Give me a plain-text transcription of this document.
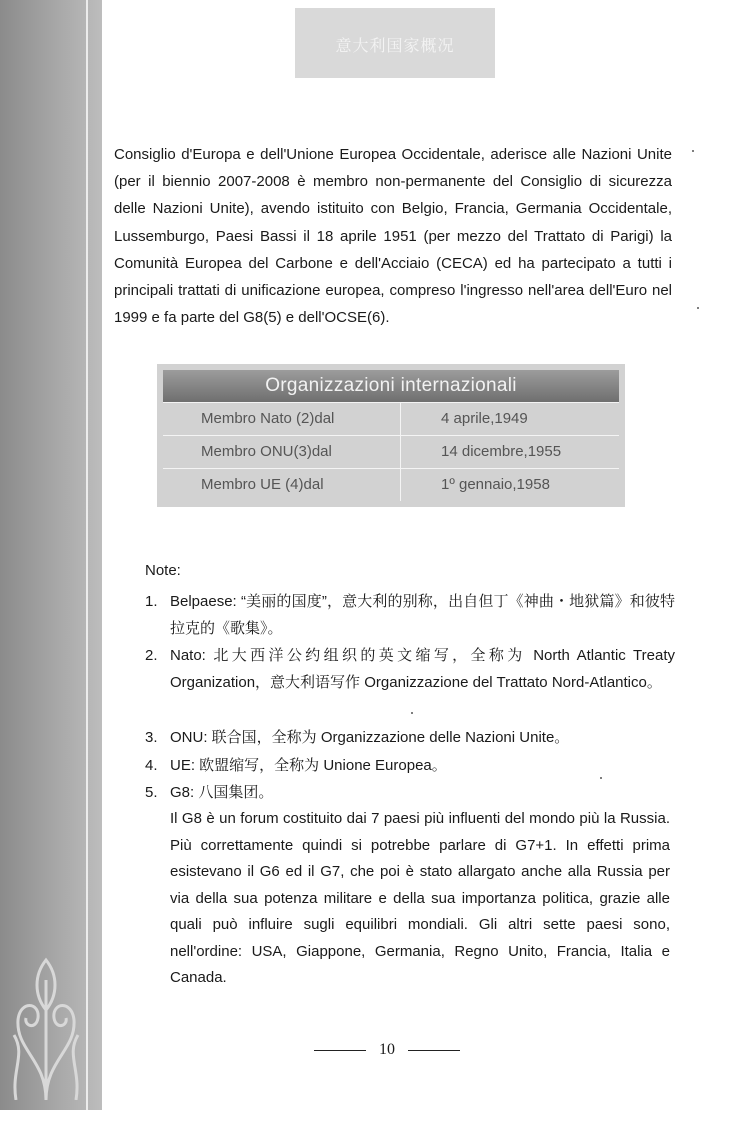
意大利国家概况

Consiglio d'Europa e dell'Unione Europea Occidentale, aderisce alle Nazioni Unite (per il biennio 2007-2008 è membro non-permanente del Consiglio di sicurezza delle Nazioni Unite), avendo istituito con Belgio, Francia, Germania Occidentale, Lussemburgo, Paesi Bassi il 18 aprile 1951 (per mezzo del Trattato di Parigi) la Comunità Europea del Carbone e dell'Acciaio (CECA) ed ha partecipato a tutti i principali trattati di unificazione europea, compreso l'ingresso nell'area dell'Euro nel 1999 e fa parte del G8(5) e dell'OCSE(6).

Organizzazioni internazionali
Membro Nato (2)dal	4 aprile,1949
Membro ONU(3)dal	14 dicembre,1955
Membro UE (4)dal	1º gennaio,1958

Note:

1. Belpaese: “美丽的国度”，意大利的别称，出自但丁《神曲・地狱篇》和彼特拉克的《歌集》。
2. Nato: 北大西洋公约组织的英文缩写，全称为 North Atlantic Treaty Organization，意大利语写作 Organizzazione del Trattato Nord-Atlantico。
3. ONU: 联合国，全称为 Organizzazione delle Nazioni Unite。
4. UE: 欧盟缩写，全称为 Unione Europea。
5. G8: 八国集团。

Il G8 è un forum costituito dai 7 paesi più influenti del mondo più la Russia. Più correttamente quindi si potrebbe parlare di G7+1. In effetti prima esistevano il G6 ed il G7, che poi è stato allargato anche alla Russia per via della sua potenza militare e della sua importanza politica, grazie alle quali può influire sugli equilibri mondiali. Gli altri sette paesi sono, nell'ordine: USA, Giappone, Germania, Regno Unito, Francia, Italia e Canada.

10
